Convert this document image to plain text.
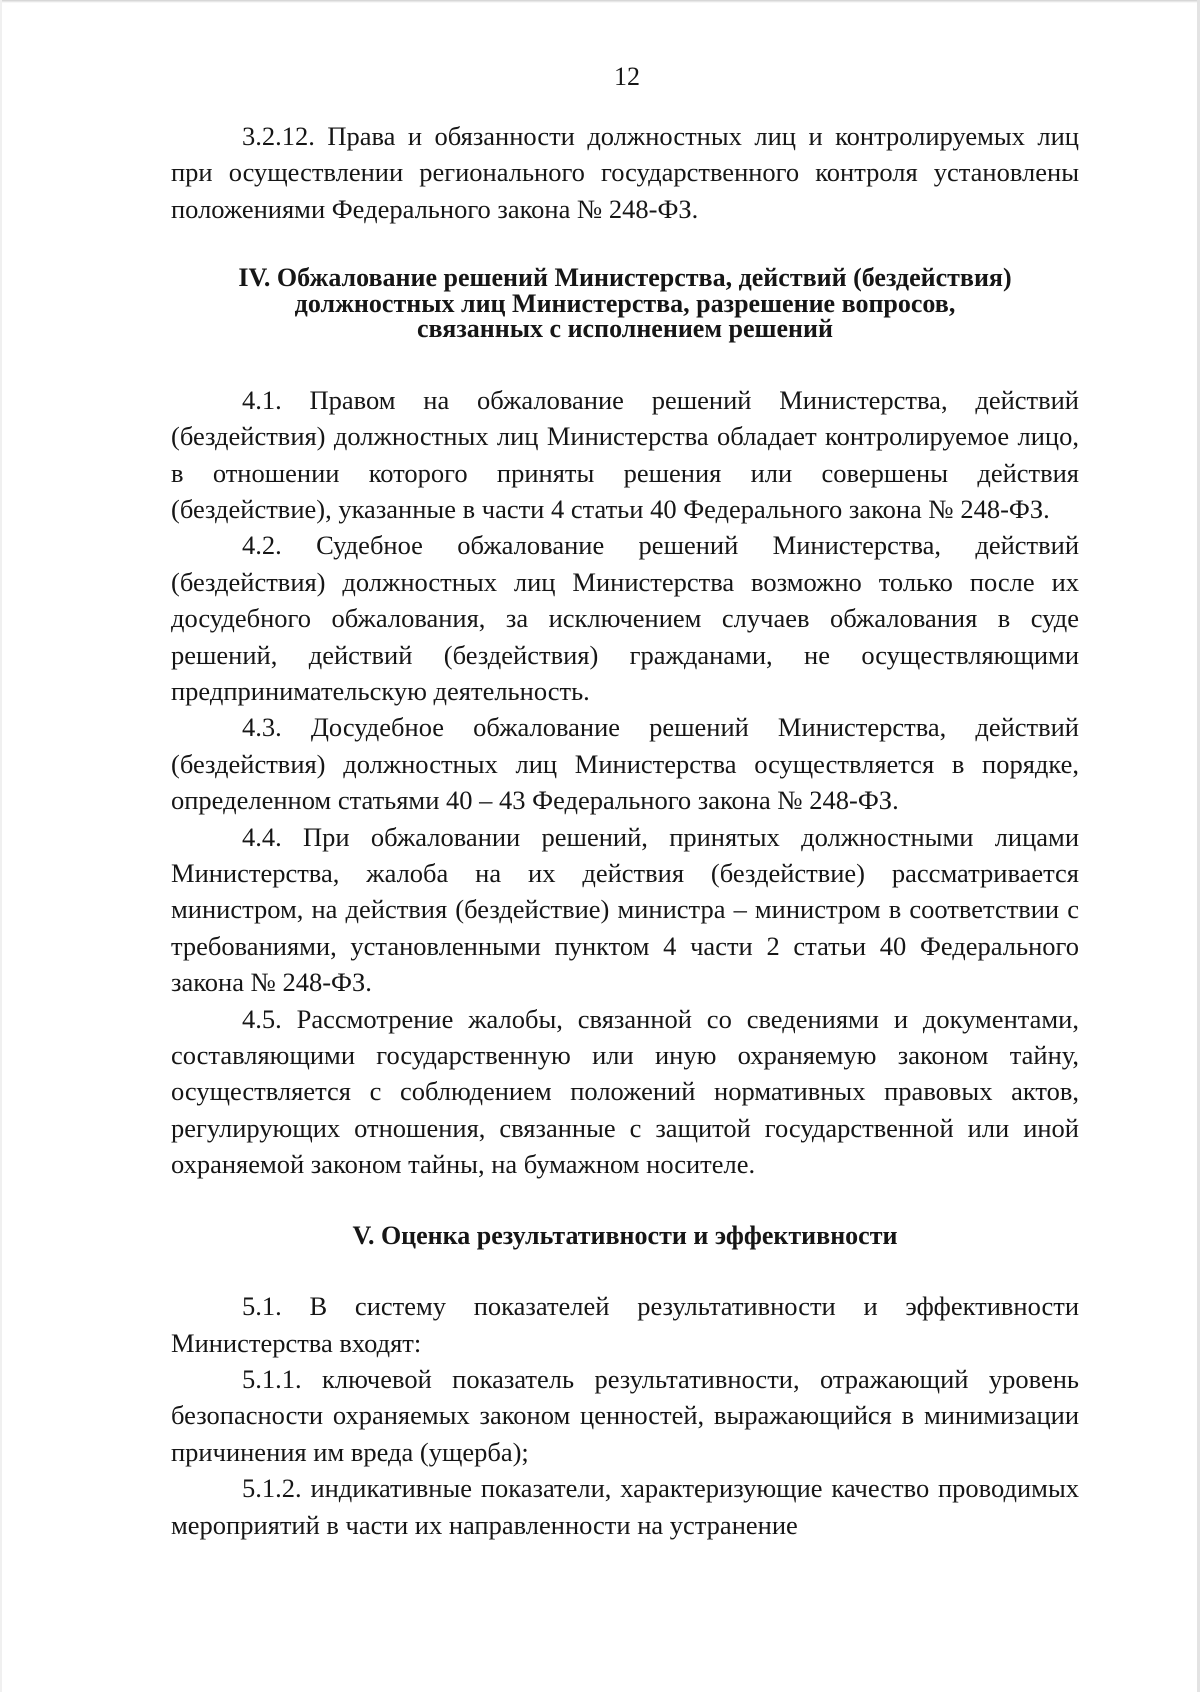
12

3.2.12. Права и обязанности должностных лиц и контролируемых лиц при осуществлении регионального государственного контроля установлены положениями Федерального закона № 248-ФЗ.

IV. Обжалование решений Министерства, действий (бездействия)
должностных лиц Министерства, разрешение вопросов,
связанных с исполнением решений

4.1. Правом на обжалование решений Министерства, действий (бездействия) должностных лиц Министерства обладает контролируемое лицо, в отношении которого приняты решения или совершены действия (бездействие), указанные в части 4 статьи 40 Федерального закона № 248-ФЗ.

4.2. Судебное обжалование решений Министерства, действий (бездействия) должностных лиц Министерства возможно только после их досудебного обжалования, за исключением случаев обжалования в суде решений, действий (бездействия) гражданами, не осуществляющими предпринимательскую деятельность.

4.3. Досудебное обжалование решений Министерства, действий (бездействия) должностных лиц Министерства осуществляется в порядке, определенном статьями 40 – 43 Федерального закона № 248-ФЗ.

4.4. При обжаловании решений, принятых должностными лицами Министерства, жалоба на их действия (бездействие) рассматривается министром, на действия (бездействие) министра – министром в соответствии с требованиями, установленными пунктом 4 части 2 статьи 40 Федерального закона № 248-ФЗ.

4.5. Рассмотрение жалобы, связанной со сведениями и документами, составляющими государственную или иную охраняемую законом тайну, осуществляется с соблюдением положений нормативных правовых актов, регулирующих отношения, связанные с защитой государственной или иной охраняемой законом тайны, на бумажном носителе.

V. Оценка результативности и эффективности

5.1. В систему показателей результативности и эффективности Министерства входят:

5.1.1. ключевой показатель результативности, отражающий уровень безопасности охраняемых законом ценностей, выражающийся в минимизации причинения им вреда (ущерба);

5.1.2. индикативные показатели, характеризующие качество проводимых мероприятий в части их направленности на устранение
